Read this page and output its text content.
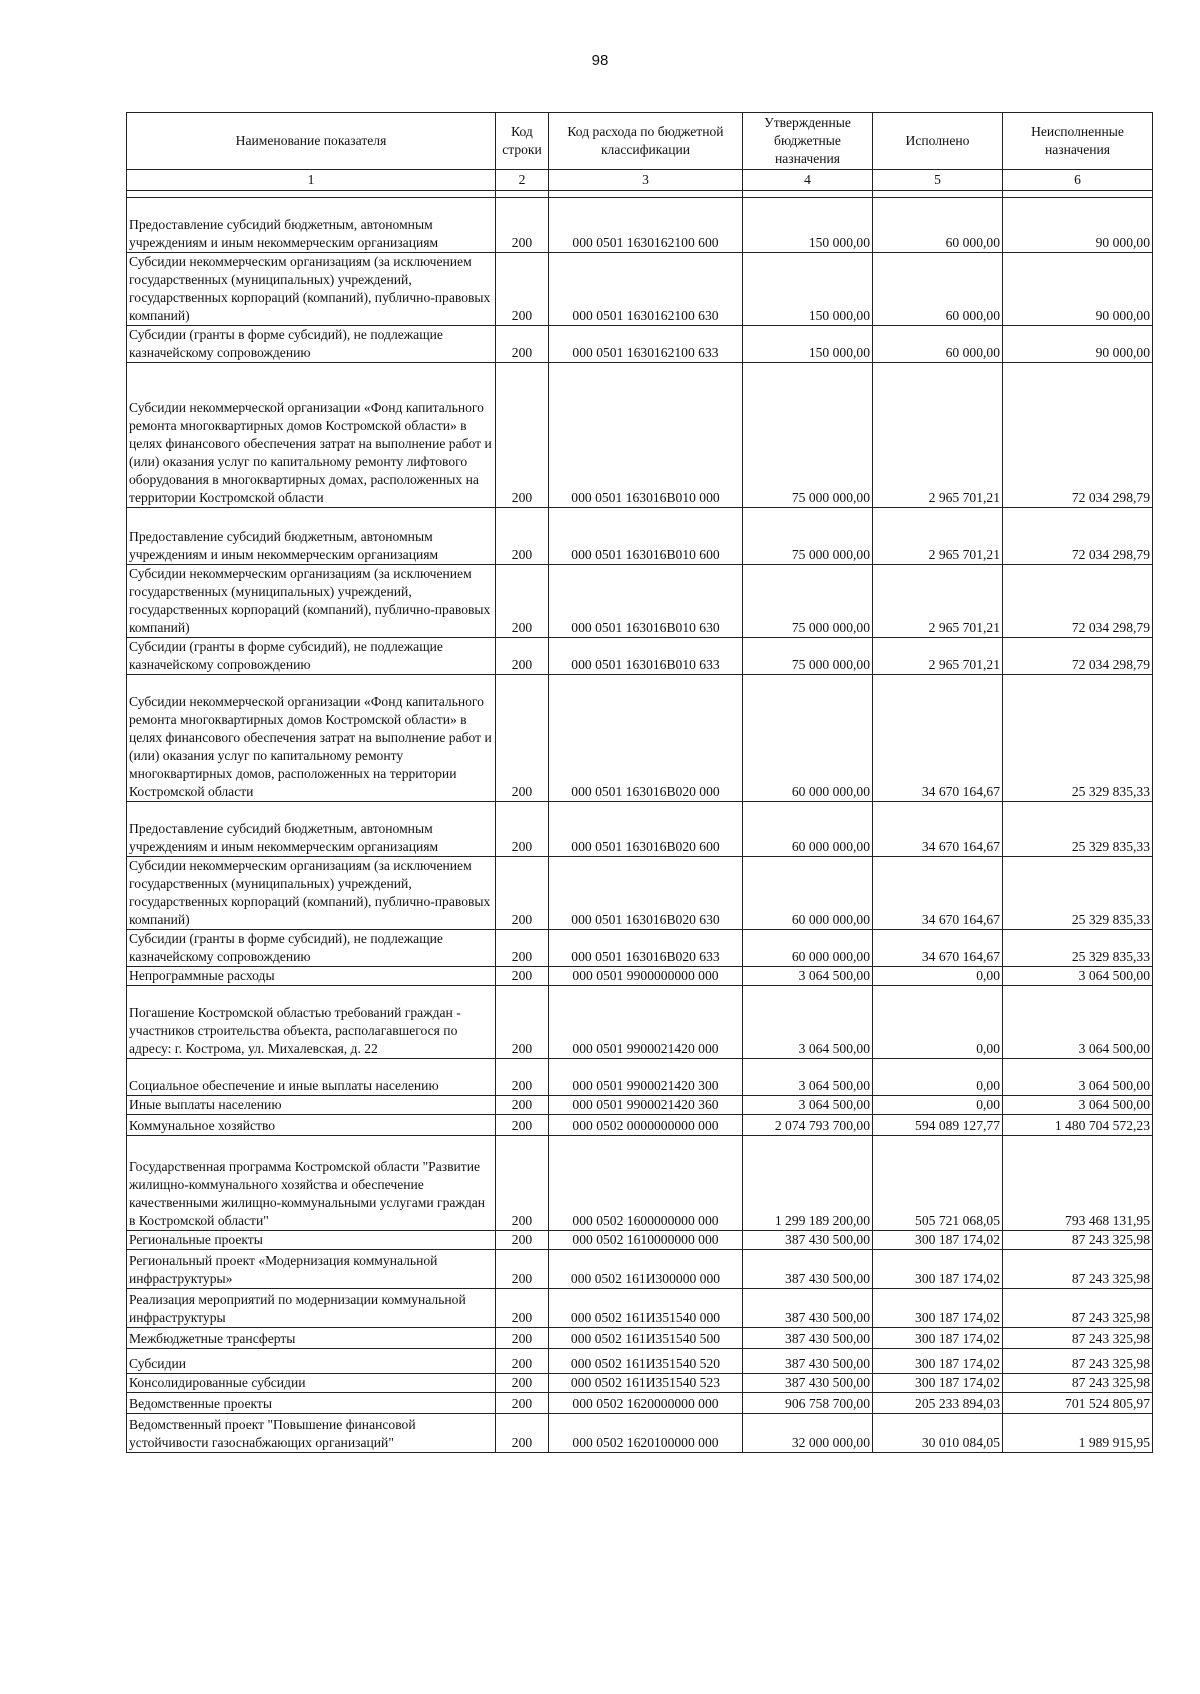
98
Наименование показателя	Код строки	Код расхода по бюджетной классификации	Утвержденные бюджетные назначения	Исполнено	Неисполненные назначения
1	2	3	4	5	6

Предоставление субсидий бюджетным, автономным учреждениям и иным некоммерческим организациям	200	000 0501 1630162100 600	150 000,00	60 000,00	90 000,00
Субсидии некоммерческим организациям (за исключением государственных (муниципальных) учреждений, государственных корпораций (компаний), публично-правовых компаний)	200	000 0501 1630162100 630	150 000,00	60 000,00	90 000,00
Субсидии (гранты в форме субсидий), не подлежащие казначейскому сопровождению	200	000 0501 1630162100 633	150 000,00	60 000,00	90 000,00
Субсидии некоммерческой организации «Фонд капитального ремонта многоквартирных домов Костромской области» в целях финансового обеспечения затрат на выполнение работ и (или) оказания услуг по капитальному ремонту лифтового оборудования в многоквартирных домах, расположенных на территории Костромской области	200	000 0501 163016B010 000	75 000 000,00	2 965 701,21	72 034 298,79
Предоставление субсидий бюджетным, автономным учреждениям и иным некоммерческим организациям	200	000 0501 163016B010 600	75 000 000,00	2 965 701,21	72 034 298,79
Субсидии некоммерческим организациям (за исключением государственных (муниципальных) учреждений, государственных корпораций (компаний), публично-правовых компаний)	200	000 0501 163016B010 630	75 000 000,00	2 965 701,21	72 034 298,79
Субсидии (гранты в форме субсидий), не подлежащие казначейскому сопровождению	200	000 0501 163016B010 633	75 000 000,00	2 965 701,21	72 034 298,79
Субсидии некоммерческой организации «Фонд капитального ремонта многоквартирных домов Костромской области» в целях финансового обеспечения затрат на выполнение работ и (или) оказания услуг по капитальному ремонту многоквартирных домов, расположенных на территории Костромской области	200	000 0501 163016B020 000	60 000 000,00	34 670 164,67	25 329 835,33
Предоставление субсидий бюджетным, автономным учреждениям и иным некоммерческим организациям	200	000 0501 163016B020 600	60 000 000,00	34 670 164,67	25 329 835,33
Субсидии некоммерческим организациям (за исключением государственных (муниципальных) учреждений, государственных корпораций (компаний), публично-правовых компаний)	200	000 0501 163016B020 630	60 000 000,00	34 670 164,67	25 329 835,33
Субсидии (гранты в форме субсидий), не подлежащие казначейскому сопровождению	200	000 0501 163016B020 633	60 000 000,00	34 670 164,67	25 329 835,33
Непрограммные расходы	200	000 0501 9900000000 000	3 064 500,00	0,00	3 064 500,00
Погашение Костромской областью требований граждан - участников строительства объекта, располагавшегося по адресу: г. Кострома, ул. Михалевская, д. 22	200	000 0501 9900021420 000	3 064 500,00	0,00	3 064 500,00
Социальное обеспечение и иные выплаты населению	200	000 0501 9900021420 300	3 064 500,00	0,00	3 064 500,00
Иные выплаты населению	200	000 0501 9900021420 360	3 064 500,00	0,00	3 064 500,00
Коммунальное хозяйство	200	000 0502 0000000000 000	2 074 793 700,00	594 089 127,77	1 480 704 572,23
Государственная программа Костромской области "Развитие жилищно-коммунального хозяйства и обеспечение качественными жилищно-коммунальными услугами граждан в Костромской области"	200	000 0502 1600000000 000	1 299 189 200,00	505 721 068,05	793 468 131,95
Региональные проекты	200	000 0502 1610000000 000	387 430 500,00	300 187 174,02	87 243 325,98
Региональный проект «Модернизация коммунальной инфраструктуры»	200	000 0502 161И300000 000	387 430 500,00	300 187 174,02	87 243 325,98
Реализация мероприятий по модернизации коммунальной инфраструктуры	200	000 0502 161И351540 000	387 430 500,00	300 187 174,02	87 243 325,98
Межбюджетные трансферты	200	000 0502 161И351540 500	387 430 500,00	300 187 174,02	87 243 325,98
Субсидии	200	000 0502 161И351540 520	387 430 500,00	300 187 174,02	87 243 325,98
Консолидированные субсидии	200	000 0502 161И351540 523	387 430 500,00	300 187 174,02	87 243 325,98
Ведомственные проекты	200	000 0502 1620000000 000	906 758 700,00	205 233 894,03	701 524 805,97
Ведомственный проект "Повышение финансовой устойчивости газоснабжающих организаций"	200	000 0502 1620100000 000	32 000 000,00	30 010 084,05	1 989 915,95
